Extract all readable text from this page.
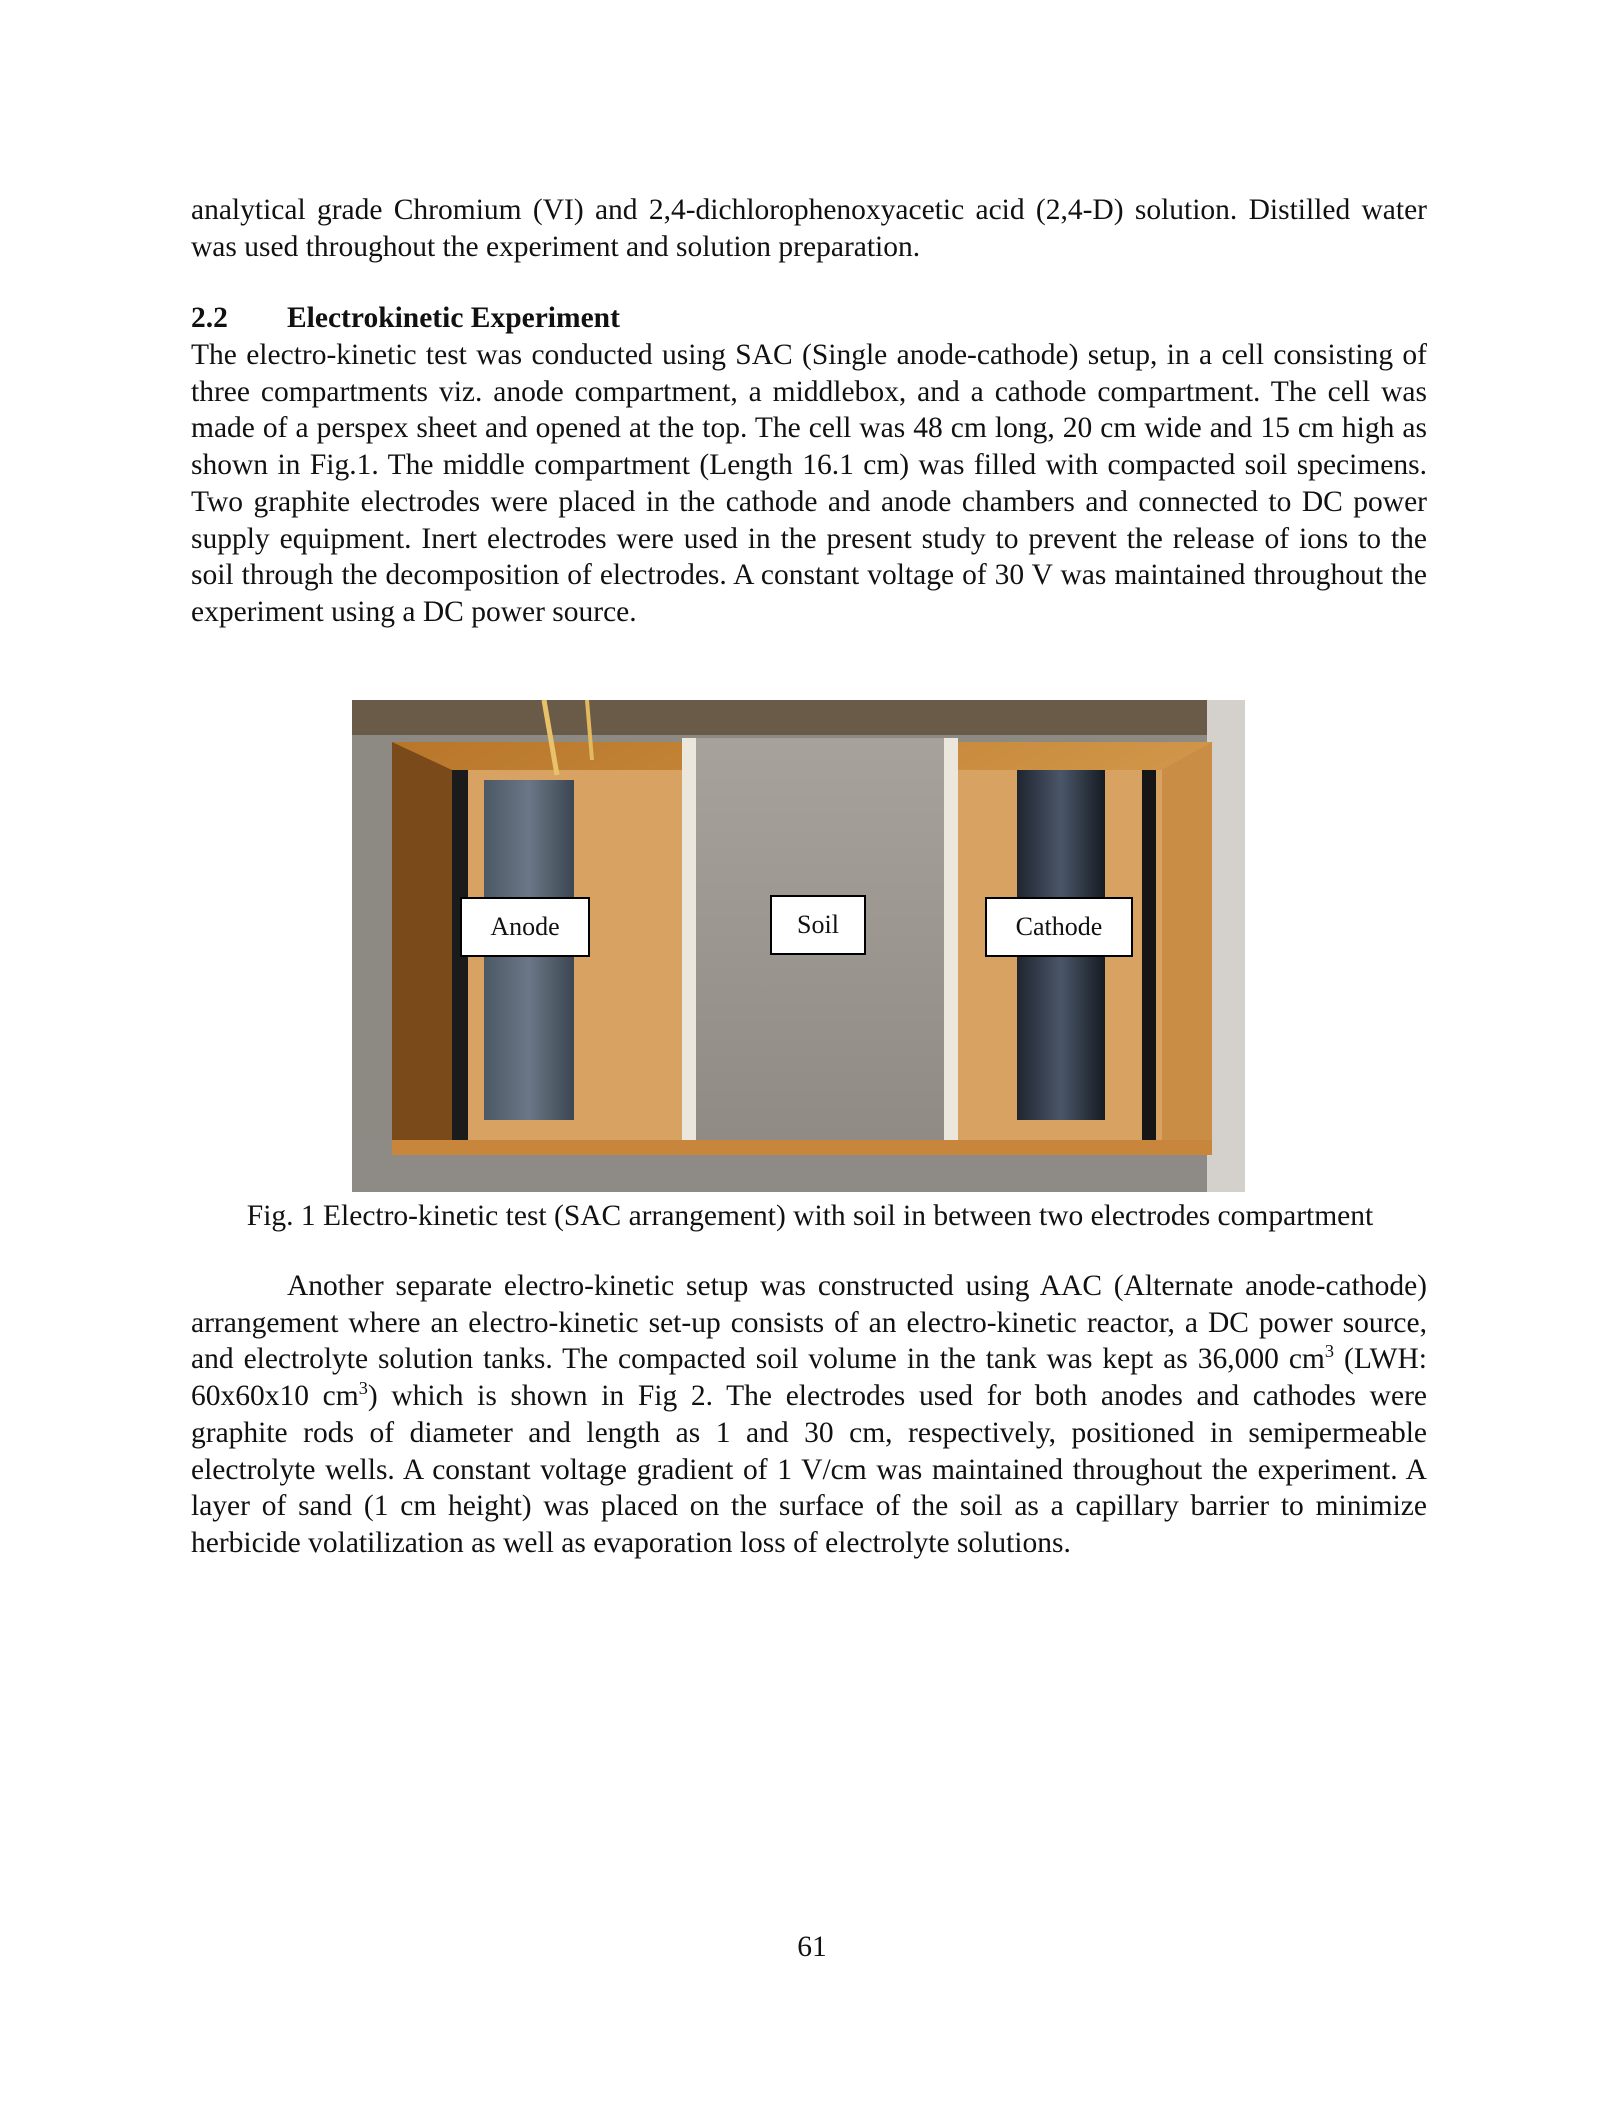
analytical grade Chromium (VI) and 2,4-dichlorophenoxyacetic acid (2,4-D) solution. Distilled water was used throughout the experiment and solution preparation.

2.2 Electrokinetic Experiment

The electro-kinetic test was conducted using SAC (Single anode-cathode) setup, in a cell consisting of three compartments viz. anode compartment, a middlebox, and a cathode compartment. The cell was made of a perspex sheet and opened at the top. The cell was 48 cm long, 20 cm wide and 15 cm high as shown in Fig.1. The middle compartment (Length 16.1 cm) was filled with compacted soil specimens. Two graphite electrodes were placed in the cathode and anode chambers and connected to DC power supply equipment. Inert electrodes were used in the present study to prevent the release of ions to the soil through the decomposition of electrodes. A constant voltage of 30 V was maintained throughout the experiment using a DC power source.

Anode	Soil	Cathode
Fig. 1 Electro-kinetic test (SAC arrangement) with soil in between two electrodes compartment

Another separate electro-kinetic setup was constructed using AAC (Alternate anode-cathode) arrangement where an electro-kinetic set-up consists of an electro-kinetic reactor, a DC power source, and electrolyte solution tanks. The compacted soil volume in the tank was kept as 36,000 $cm^3$ (LWH: 60x60x10 $cm^3$) which is shown in Fig 2. The electrodes used for both anodes and cathodes were graphite rods of diameter and length as 1 and 30 cm, respectively, positioned in semipermeable electrolyte wells. A constant voltage gradient of 1 V/cm was maintained throughout the experiment. A layer of sand (1 cm height) was placed on the surface of the soil as a capillary barrier to minimize herbicide volatilization as well as evaporation loss of electrolyte solutions.

61
